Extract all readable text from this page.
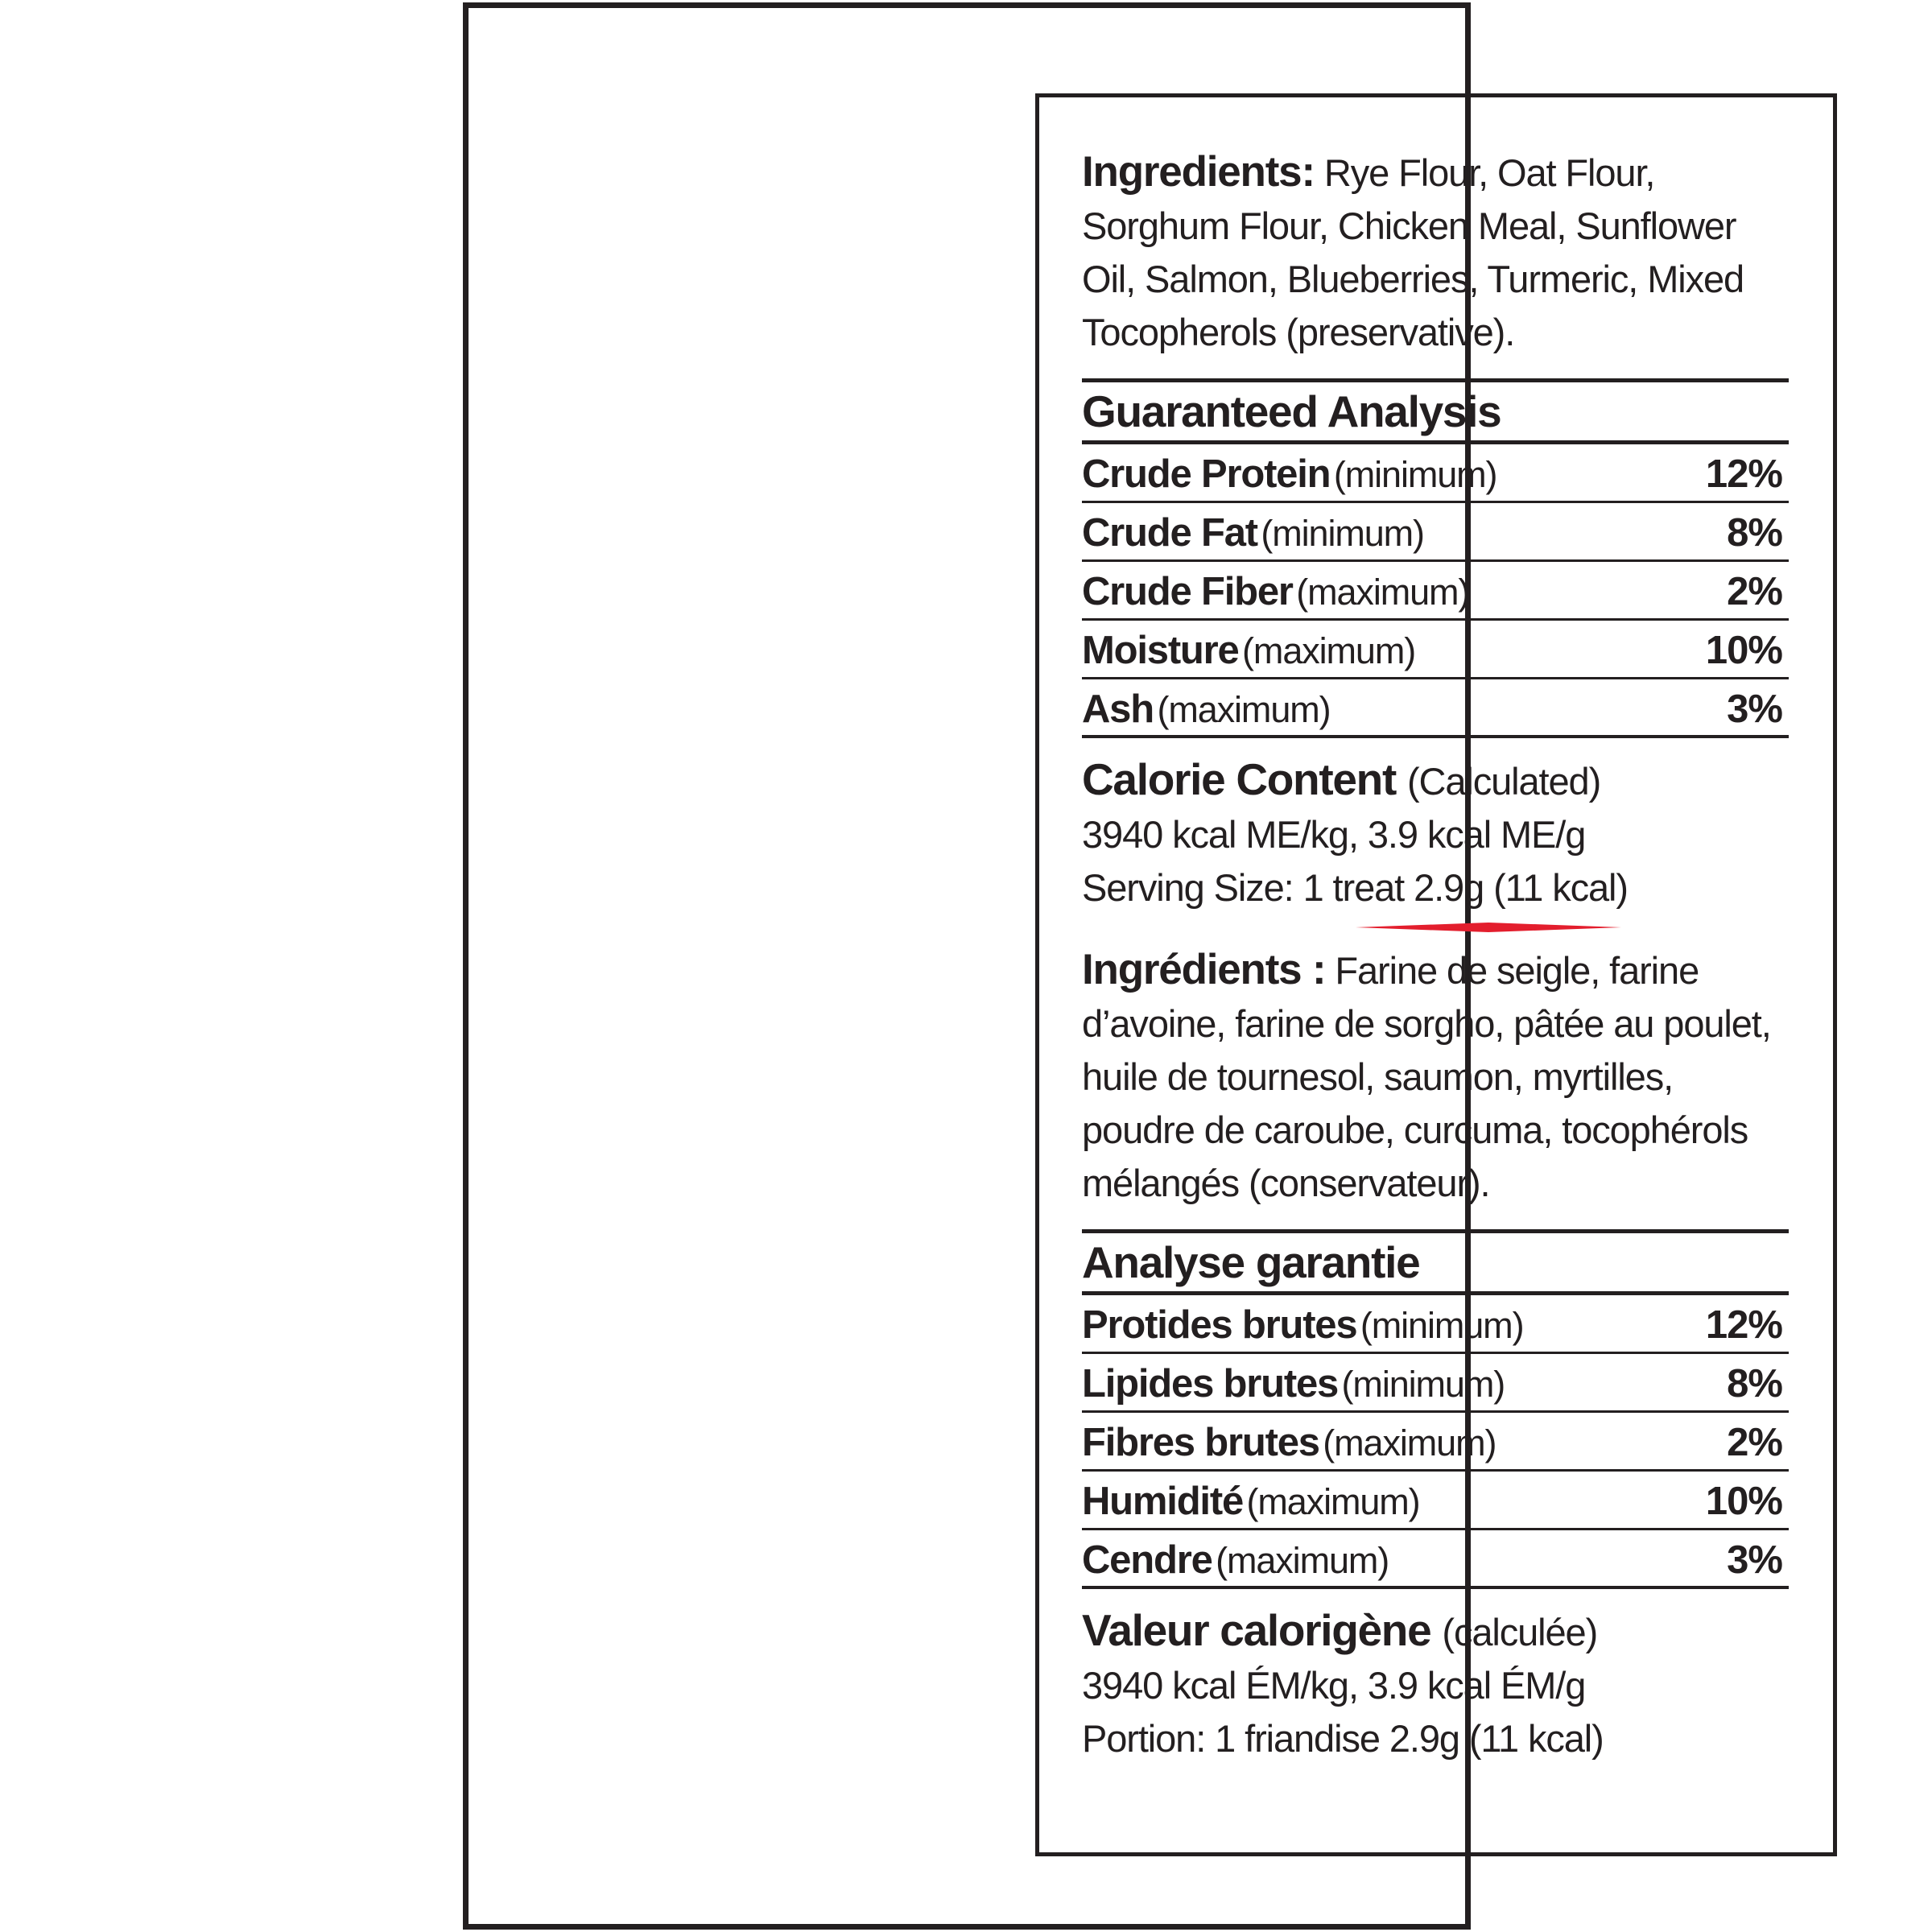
Ingredients: Rye Flour, Oat Flour, Sorghum Flour, Chicken Meal, Sunflower Oil, Salmon, Blueberries, Turmeric, Mixed Tocopherols (preservative).

Guaranteed Analysis
Crude Protein (minimum)	12%
Crude Fat (minimum)	8%
Crude Fiber (maximum)	2%
Moisture (maximum)	10%
Ash (maximum)	3%
Calorie Content (Calculated)

3940 kcal ME/kg, 3.9 kcal ME/g

Serving Size: 1 treat 2.9g (11 kcal)

Ingrédients : Farine de seigle, farine d’avoine, farine de sorgho, pâtée au poulet, huile de tournesol, saumon, myrtilles, poudre de caroube, curcuma, tocophérols mélangés (conservateur).

Analyse garantie
Protides brutes (minimum)	12%
Lipides brutes (minimum)	8%
Fibres brutes (maximum)	2%
Humidité (maximum)	10%
Cendre (maximum)	3%
Valeur calorigène (calculée)

3940 kcal ÉM/kg, 3.9 kcal ÉM/g

Portion: 1 friandise 2.9g (11 kcal)
